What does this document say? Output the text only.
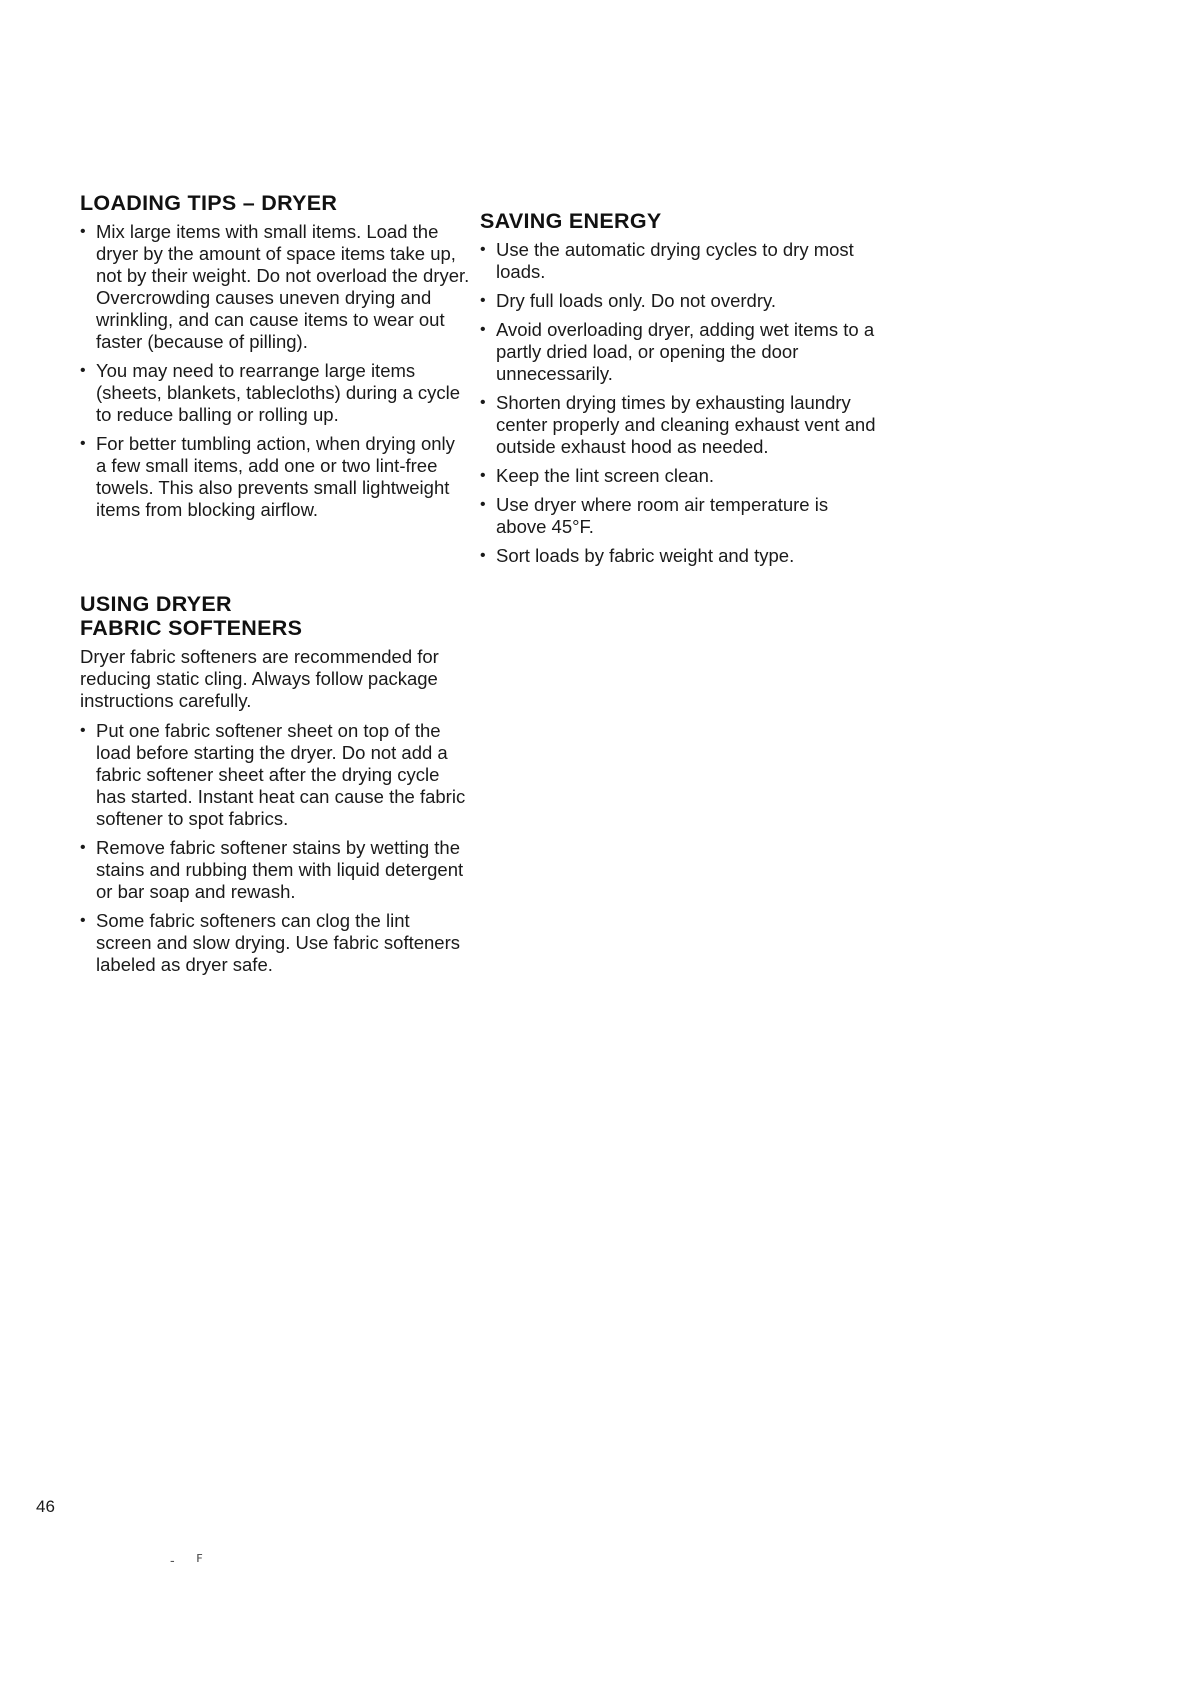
LOADING TIPS – DRYER
• Mix large items with small items. Load the dryer by the amount of space items take up, not by their weight. Do not overload the dryer. Overcrowding causes uneven drying and wrinkling, and can cause items to wear out faster (because of pilling).
• You may need to rearrange large items (sheets, blankets, tablecloths) during a cycle to reduce balling or rolling up.
• For better tumbling action, when drying only a few small items, add one or two lint-free towels. This also prevents small lightweight items from blocking airflow.
USING DRYER
FABRIC SOFTENERS

Dryer fabric softeners are recommended for reducing static cling. Always follow package instructions carefully.

• Put one fabric softener sheet on top of the load before starting the dryer. Do not add a fabric softener sheet after the drying cycle has started. Instant heat can cause the fabric softener to spot fabrics.
• Remove fabric softener stains by wetting the stains and rubbing them with liquid detergent or bar soap and rewash.
• Some fabric softeners can clog the lint screen and slow drying. Use fabric softeners labeled as dryer safe.
SAVING ENERGY
• Use the automatic drying cycles to dry most loads.
• Dry full loads only. Do not overdry.
• Avoid overloading dryer, adding wet items to a partly dried load, or opening the door unnecessarily.
• Shorten drying times by exhausting laundry center properly and cleaning exhaust vent and outside exhaust hood as needed.
• Keep the lint screen clean.
• Use dryer where room air temperature is above 45°F.
• Sort loads by fabric weight and type.
46
- ꜰ
